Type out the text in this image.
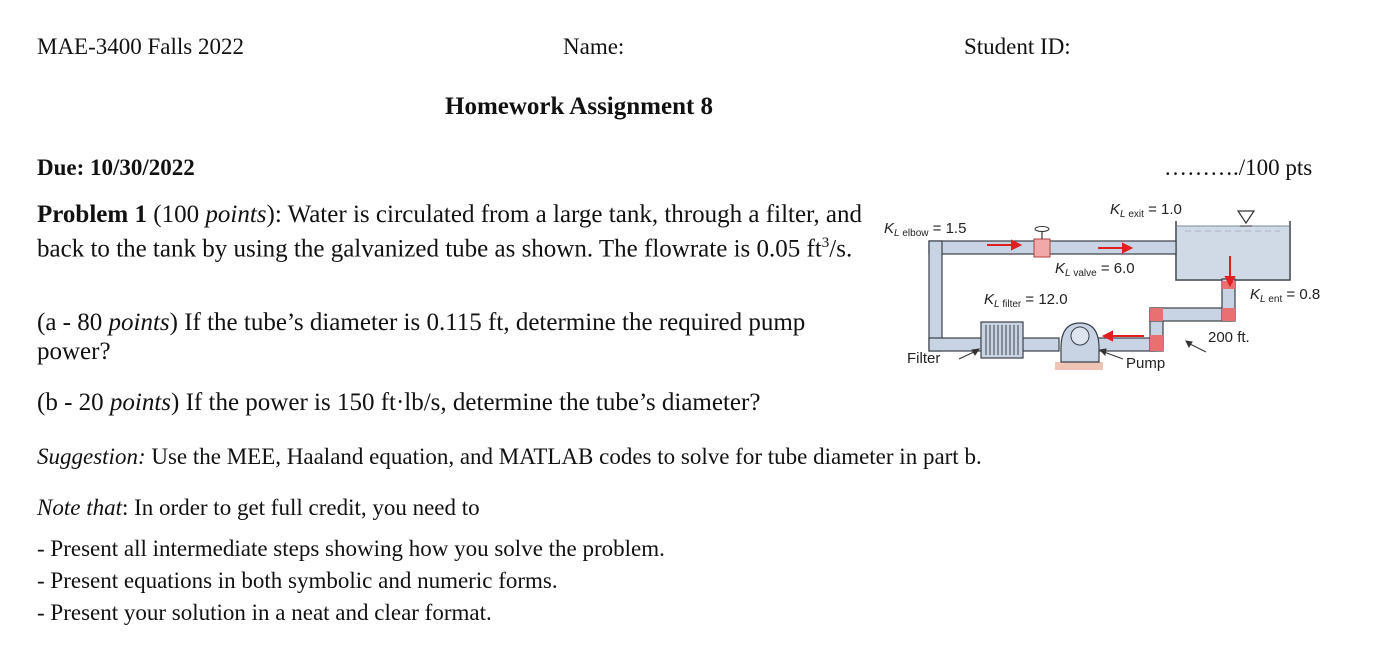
MAE-3400 Falls 2022	Name:	Student ID:
Homework Assignment 8
Due: 10/30/2022	………./100 pts
Problem 1 (100 points): Water is circulated from a large tank, through a filter, and back to the tank by using the galvanized tube as shown. The flowrate is 0.05 $ft^3/s$.
(a - 80 points) If the tube’s diameter is 0.115 ft, determine the required pump power?
(b - 20 points) If the power is 150 ft·lb/s, determine the tube’s diameter?
Suggestion: Use the MEE, Haaland equation, and MATLAB codes to solve for tube diameter in part b.
Note that: In order to get full credit, you need to
- Present all intermediate steps showing how you solve the problem.
- Present equations in both symbolic and numeric forms.
- Present your solution in a neat and clear format.
$K_L$ elbow = 1.5
$K_L$ exit = 1.0
$K_L$ valve = 6.0
$K_L$ filter = 12.0	$K_L$ ent = 0.8
200 ft.
Filter	Pump
